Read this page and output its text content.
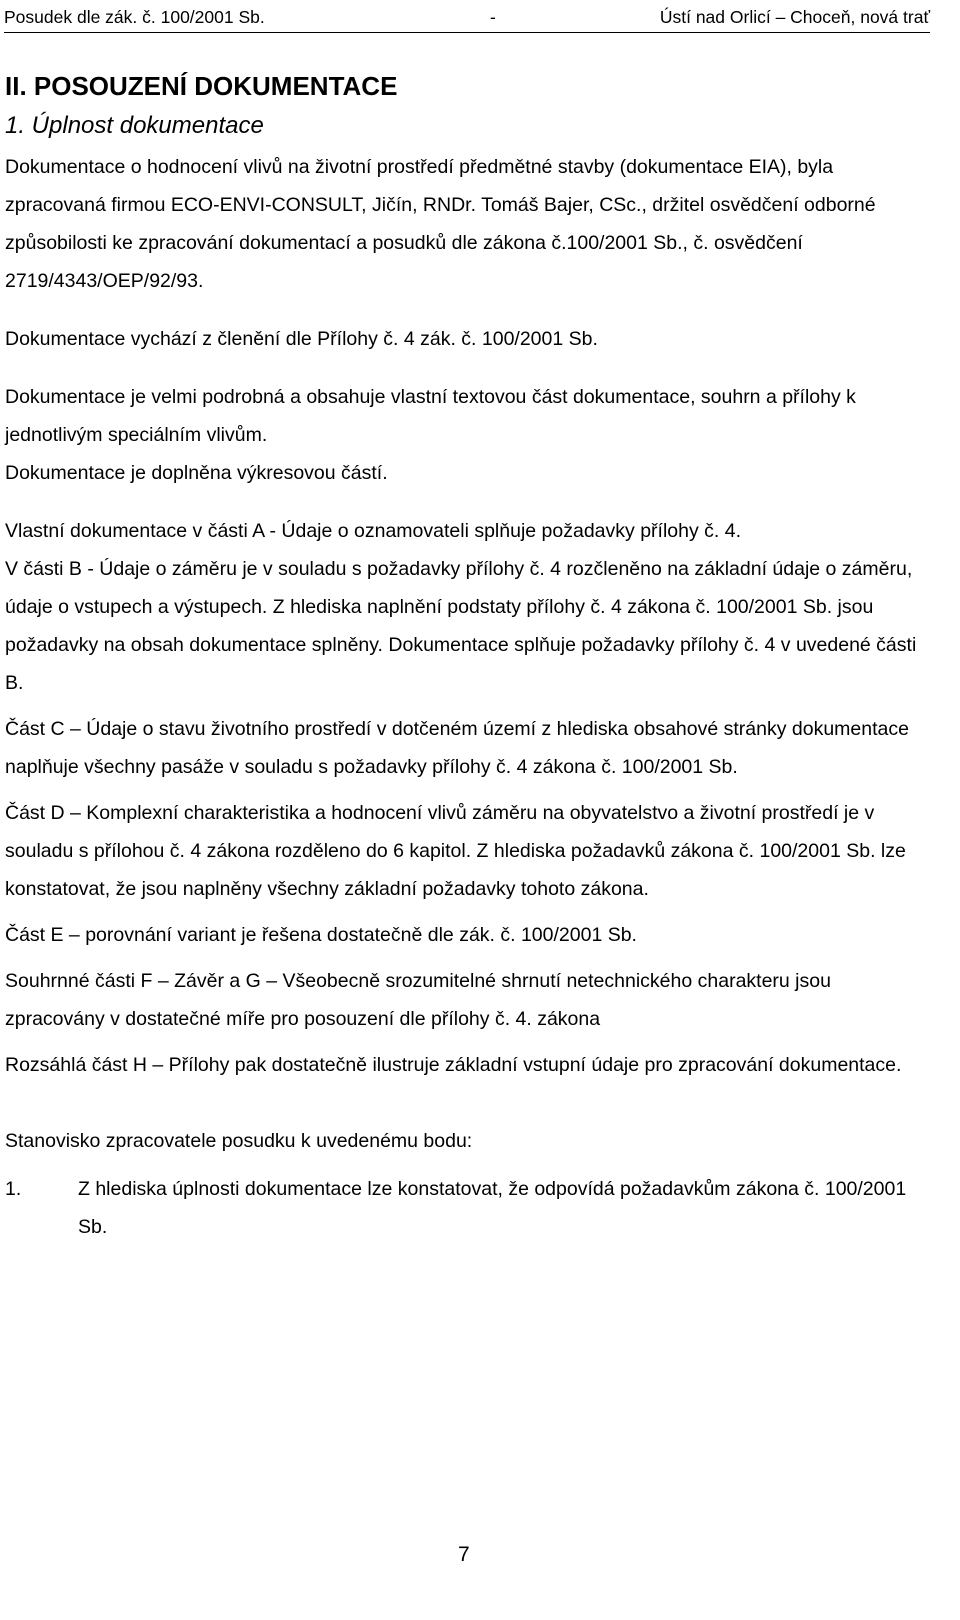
Posudek dle zák. č. 100/2001 Sb.	-	Ústí nad Orlicí – Choceň, nová trať
II. POSOUZENÍ DOKUMENTACE
1. Úplnost dokumentace

Dokumentace o hodnocení vlivů na životní prostředí předmětné stavby (dokumentace EIA), byla zpracovaná firmou ECO-ENVI-CONSULT, Jičín, RNDr. Tomáš Bajer, CSc., držitel osvědčení odborné způsobilosti ke zpracování dokumentací a posudků dle zákona č.100/2001 Sb., č. osvědčení 2719/4343/OEP/92/93.

Dokumentace vychází z členění dle Přílohy č. 4 zák. č. 100/2001 Sb.

Dokumentace je velmi podrobná a obsahuje vlastní textovou část dokumentace, souhrn a přílohy k jednotlivým speciálním vlivům.

Dokumentace je doplněna výkresovou částí.

Vlastní dokumentace v části A - Údaje o oznamovateli splňuje požadavky přílohy č. 4.

V části B - Údaje o záměru je v souladu s požadavky přílohy č. 4 rozčleněno na základní údaje o záměru, údaje o vstupech a výstupech. Z hlediska naplnění podstaty přílohy č. 4 zákona č. 100/2001 Sb. jsou požadavky na obsah dokumentace splněny. Dokumentace splňuje požadavky přílohy č. 4 v uvedené části B.

Část C – Údaje o stavu životního prostředí v dotčeném území z hlediska obsahové stránky dokumentace naplňuje všechny pasáže v souladu s požadavky přílohy č. 4 zákona č. 100/2001 Sb.

Část D – Komplexní charakteristika a hodnocení vlivů záměru na obyvatelstvo a životní prostředí je v souladu s přílohou č. 4 zákona rozděleno do 6 kapitol. Z hlediska požadavků zákona č. 100/2001 Sb. lze konstatovat, že jsou naplněny všechny základní požadavky tohoto zákona.

Část E – porovnání variant je řešena dostatečně dle zák. č. 100/2001 Sb.

Souhrnné části F – Závěr a G – Všeobecně srozumitelné shrnutí netechnického charakteru jsou zpracovány v dostatečné míře pro posouzení dle přílohy č. 4. zákona

Rozsáhlá část H – Přílohy pak dostatečně ilustruje základní vstupní údaje pro zpracování dokumentace.

Stanovisko zpracovatele posudku k uvedenému bodu:

1.	Z hlediska úplnosti dokumentace lze konstatovat, že odpovídá požadavkům zákona č. 100/2001 Sb.
7
